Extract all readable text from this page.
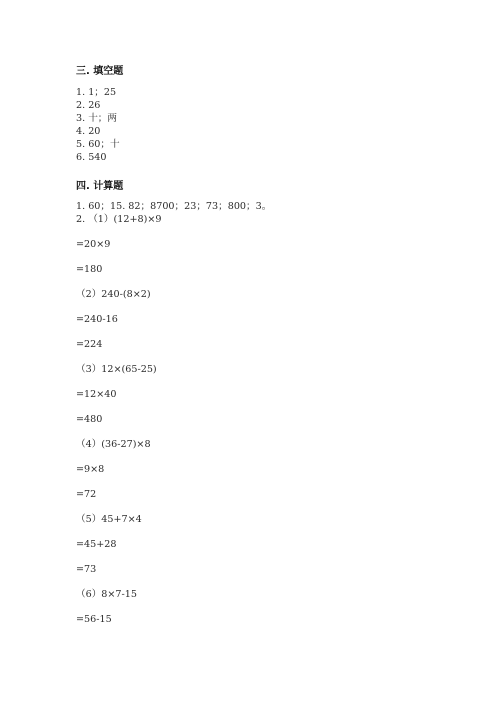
三. 填空题
1. 1；25
2. 26
3. 十；两
4. 20
5. 60；十
6. 540
四. 计算题
1. 60；15. 82；8700；23；73；800；3。
2. （1）(12+8)×9
=20×9
=180
（2）240-(8×2)
=240-16
=224
（3）12×(65-25)
=12×40
=480
（4）(36-27)×8
=9×8
=72
（5）45+7×4
=45+28
=73
（6）8×7-15
=56-15
